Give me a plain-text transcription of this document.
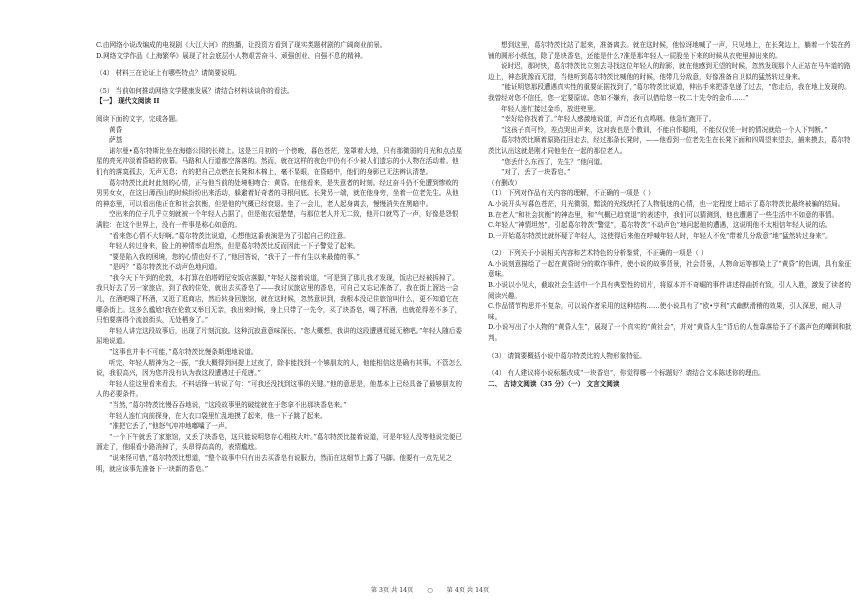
C.由网络小说改编成的电视剧《大江大河》的热播，让投资方看到了现实类题材剧的广阔商业前景。

D.网络文学作品《上海繁华》展现了社会底层小人物艰苦奋斗、顽强创业、自强不息的精神。

（4） 材料三在论证上有哪些特点？请简要说明。

（5） 当前如何推动网络文学健康发展？请结合材料谈谈你的看法。

【一】 现代文阅读 II

阅读下面的文字，完成各题。

黄昏

萨基

诺尔曼•葛尔特斯比坐在海德公园的长椅上。这是三月初的一个傍晚，暮色苍茫，笼罩着大地，只有那微弱的月光和点点星星的亮光冲淡着昏暗的夜幕。马路和人行道都空落落的。然而，就在这样的夜色中仍有不少被人们遗忘的小人物在活动着。他们有的落寞孤去，无声无息；有的把自己点燃在长凳和木棉上，毫不显眼，在昏暗中，他们的身影已无法辨认清楚。

葛尔特茨比此时此刻的心情，正与他当前的处境相吻合：黄昏。在他看来，是失意者的时刻。经过奋斗仍不免遭到惨败的男男女女，在这日薄西山的时候纷纷出来活动，躲避着好奇者的寻根问底。长凳另一端，就在他身旁，坐着一位老先生。从他的神态里，可以看出他正在和社会抗衡，但是他的气概已经衰退。坐了一会儿，老人起身离去，慢慢消失在黑暗中。

空出来的位子几乎立刻就被一个年轻人占据了，但是他衣冠楚楚，与那位老人并无二致，他开口就骂了一声，好像是怨恨满腔：在这个世界上，没有一件事是称心如意的。

“看来您心情不大好啊。”葛尔特茨比说道，心想他这番表演是为了引起自己的注意。

年轻人转过身来，脸上的神情率直坦然，但是葛尔特茨比反而因此一下子警觉了起来。

“要是陷入我的困境，您的心情也好不了，”他回答说，“我干了一件有生以来最傻的事。”

“是吗？”葛尔特茨比不动声色地问道。

“我今天下午到的伦敦，本打算在伯塔姆尼安饭店落脚，”年轻人接着说道，“可是到了那儿我才发现，饭店已经被拆掉了。我只好去了另一家旅店，到了我的住处，就出去买香皂了——我讨厌旅店里的香皂，可自己又忘记准备了，我在街上溜达一会儿，在酒吧喝了杯酒，又逛了逛商店，然后转身回旅馆，就在这时候，忽然意识到，我根本没记住旅馆叫什么，更不知道它在哪条街上。这多么尴尬!我在伦敦又举目无亲，我出来时候，身上只带了一先令，买了块香皂，喝了杯酒，也就花得差不多了，只怕要落得个流浪街头，无处栖身了。”

年轻人讲完这段故事后，出现了片刻沉寂。这种沉寂意意味深长。“您大概想，我讲的这段遭遇荒诞无稽吧。”年轻人随后委屈地说道。

“这事也并非不可能，”葛尔特茨比慢条斯理地说道。

听完，年轻人精神为之一振，“我大概得到河提上过夜了，除非能找到一个够朋友的人，他能相信这是确有其事。不管怎么说，我很高兴，因为您并没有认为我这段遭遇过于荒唐。”

年轻人往这里看来看去，不料话锋一转说了句：“可我还没找到这事的关键。”他的意思是，他基本上已经具备了最够朋友的人的必要条件。

“当然，”葛尔特茨比慢吞吞地说，“这段故事里的破绽就在于您拿不出那块香皂来。”

年轻人连忙向前探身，在大衣口袋里忙乱地摸了起来，他一下子跳了起来。

“准把它丢了，”他怒气冲冲地嘟囔了一声。

“一个下午就丢了家旅馆，又丢了块香皂，这只能说明您存心粗枝大叶。”葛尔特茨比接着说道，可是年轻人没等他说完便已溜走了，他眼看小路消掉了，头昂得高高的，表情尴尬。

“说来怪可惜，”葛尔特茨比想道，“整个故事中只有出去买香皂有说服力，然而在这细节上露了马脚。他要有一点先见之明，就应该事先准备下一块新的香皂。”

想到这里，葛尔特茨比站了起来，准备离去。就在这时候，他惊讶地喊了一声，只见地上，在长凳边上，躺着一个装在药铺的圆形小纸包，除了是块香皂，还能是什么?准是那年轻人一屁股坐下来的时候从衣兜里掉出来的。

说时迟，那时快，葛尔特茨比立刻去寻找这位年轻人的踪影，就在他感到无望的时候，忽然发现那个人正站在马车道的路边上，神态犹豫而无措，当他听到葛尔特茨比喊他的时候，他带几分敌意，好像准备自卫似的猛然转过身来。

“能证明您那段遭遇真实性的重要证据找到了，”葛尔特茨比说道，伸出手来把香皂递了过去，“您走后，我在地上发现的。我曾经对您不信任，您一定要原谅。您如不嫌弃，我可以借给您一枚二十先令的金币……”

年轻人连忙接过金币，放进兜里。

“幸好给你找着了。”年轻人感激地说道，声音还有点鸣咽。他急忙跑开了。

“这孩子真可怜，差点哭出声来，这对我也是个教训，不能自作聪明，不能仅仅凭一时的情况就给一个人下判断。”

葛尔特茨比顺着原路往回走去，经过那条长凳时，——他看到一位老先生在长凳下面和四周望来望去，捕来摸去，葛尔特茨比认出这就是刚才同他坐在一起的那位老人。

“您丢什么东西了，先生？”他问道。

“对了，丢了一块香皂。”

（有删改）

（1） 下列对作品有关内容的理解，不正确的一项是（ ）

A.小说开头写暮色苍茫，月光微弱，黯淡的光线烘托了人物低迷的心情，也一定程度上暗示了葛尔特茨比最终被骗的结局。

B.在老人“和社会抗衡”的神态里，和“气概已趋衰退”的表述中，我们可以猜测到，他也遭遇了一些生活中不如意的事情。

C.年轻人“神情坦然”，引起葛尔特茨“警觉”，葛尔特茨“不动声色”地问起他的遭遇，这说明他不太相信年轻人说的话。

D.一开始葛尔特茨比就怀疑了年轻人，这使得后来他在呼喊年轻人时，年轻人不免“带着几分敌意”地“猛然转过身来”。

（2） 下列关于小说相关内容和艺术特色的分析鉴赏，不正确的一项是（ ）

A.小说刻意描绘了一起在黄昏时分的欺诈事件，使小说的故事背景，社会背景，人物命运等都染上了“黄昏”的色调，具有象征意味。

B.小说以小见大，截取社会生活中一个具有典型性的切片，将原本并不奇崛的事件讲述得曲折有致，引人入胜，激发了读者的阅读兴趣。

C.作品情节构思并不复杂，可以说作者采用的这种结构……使小说具有了“欧•亨利”式幽默滑稽的效果，引人深思，耐人寻味。

D.小说写出了小人物的“黄昏人生”，展现了一个真实的“黄社会”，并对“黄昏人生”背后的人性靠落给予了不露声色的嘲讽和批判。

（3） 请简要概括小说中葛尔特茨比的人物形象特征。

（4） 有人建议将小说标题改成“一块香皂”，你觉得哪一个标题好？请结合文本陈述你的理由。

二、 古诗文阅读（35 分）（一） 文言文阅读

第 3页 共 14页 ○ 第 4页 共 14页
